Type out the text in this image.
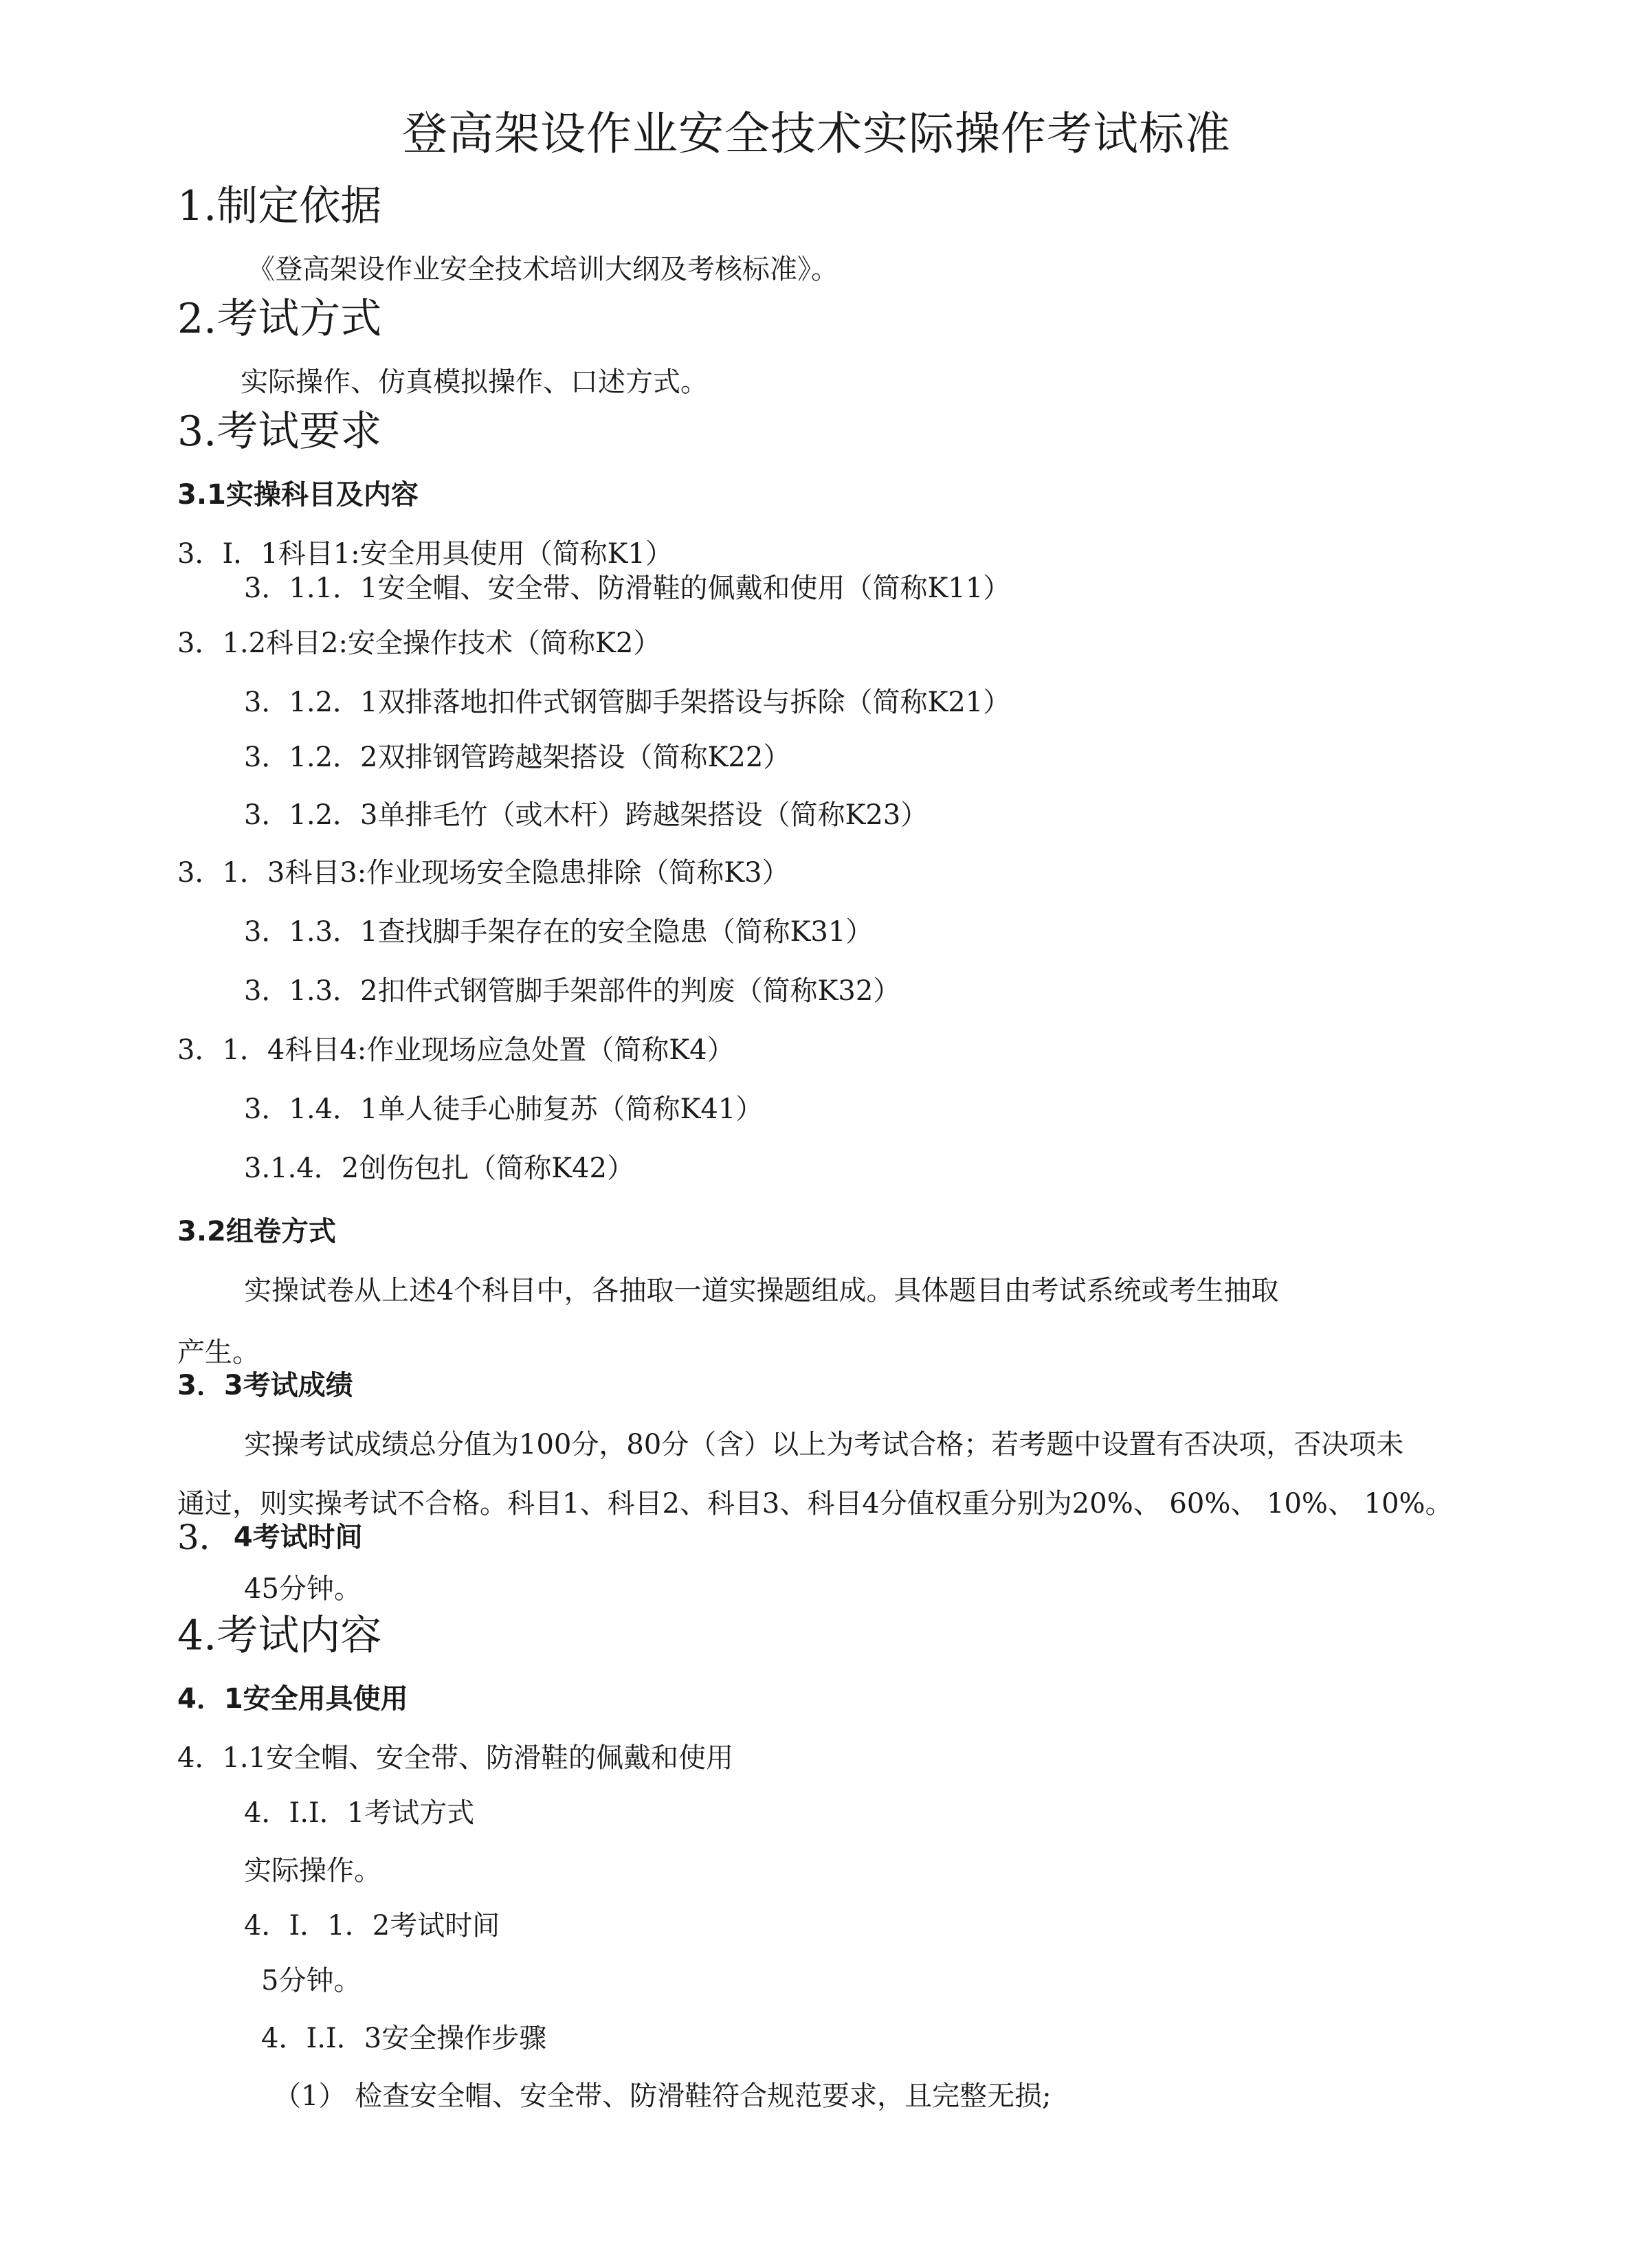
登高架设作业安全技术实际操作考试标准
1.制定依据
《登高架设作业安全技术培训大纲及考核标准》。
2.考试方式
实际操作、仿真模拟操作、口述方式。
3.考试要求
3.1实操科目及内容
3．I．1科目1:安全用具使用（简称K1）
3．1.1．1安全帽、安全带、防滑鞋的佩戴和使用（简称K11）
3．1.2科目2:安全操作技术（简称K2）
3．1.2．1双排落地扣件式钢管脚手架搭设与拆除（简称K21）
3．1.2．2双排钢管跨越架搭设（简称K22）
3．1.2．3单排毛竹（或木杆）跨越架搭设（简称K23）
3．1．3科目3:作业现场安全隐患排除（简称K3）
3．1.3．1查找脚手架存在的安全隐患（简称K31）
3．1.3．2扣件式钢管脚手架部件的判废（简称K32）
3．1．4科目4:作业现场应急处置（简称K4）
3．1.4．1单人徒手心肺复苏（简称K41）
3.1.4．2创伤包扎（简称K42）
3.2组卷方式
实操试卷从上述4个科目中，各抽取一道实操题组成。具体题目由考试系统或考生抽取
产生。
3．3考试成绩
实操考试成绩总分值为100分，80分（含）以上为考试合格；若考题中设置有否决项，否决项未
通过，则实操考试不合格。科目1、科目2、科目3、科目4分值权重分别为20%、 60%、 10%、 10%。
3．4考试时间
45分钟。
4.考试内容
4．1安全用具使用
4．1.1安全帽、安全带、防滑鞋的佩戴和使用
4．I.I．1考试方式
实际操作。
4．I．1．2考试时间
5分钟。
4．I.I．3安全操作步骤
（1） 检查安全帽、安全带、防滑鞋符合规范要求，且完整无损;
